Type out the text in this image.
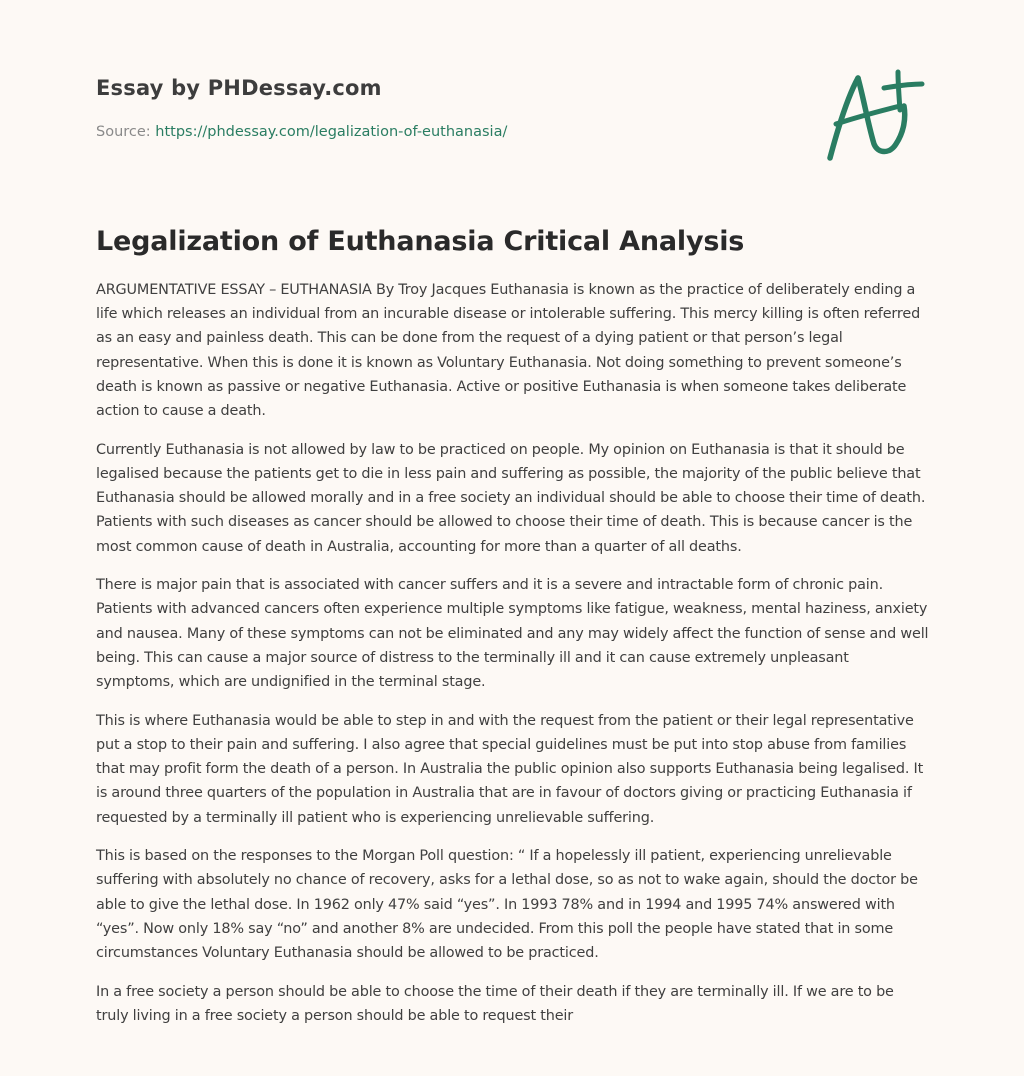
Essay by PHDessay.com
Source: https://phdessay.com/legalization-of-euthanasia/
Legalization of Euthanasia Critical Analysis

ARGUMENTATIVE ESSAY – EUTHANASIA By Troy Jacques Euthanasia is known as the practice of deliberately ending a life which releases an individual from an incurable disease or intolerable suffering. This mercy killing is often referred as an easy and painless death. This can be done from the request of a dying patient or that person’s legal representative. When this is done it is known as Voluntary Euthanasia. Not doing something to prevent someone’s death is known as passive or negative Euthanasia. Active or positive Euthanasia is when someone takes deliberate action to cause a death.

Currently Euthanasia is not allowed by law to be practiced on people. My opinion on Euthanasia is that it should be legalised because the patients get to die in less pain and suffering as possible, the majority of the public believe that Euthanasia should be allowed morally and in a free society an individual should be able to choose their time of death. Patients with such diseases as cancer should be allowed to choose their time of death. This is because cancer is the most common cause of death in Australia, accounting for more than a quarter of all deaths.

There is major pain that is associated with cancer suffers and it is a severe and intractable form of chronic pain. Patients with advanced cancers often experience multiple symptoms like fatigue, weakness, mental haziness, anxiety and nausea. Many of these symptoms can not be eliminated and any may widely affect the function of sense and well being. This can cause a major source of distress to the terminally ill and it can cause extremely unpleasant symptoms, which are undignified in the terminal stage.

This is where Euthanasia would be able to step in and with the request from the patient or their legal representative put a stop to their pain and suffering. I also agree that special guidelines must be put into stop abuse from families that may profit form the death of a person. In Australia the public opinion also supports Euthanasia being legalised. It is around three quarters of the population in Australia that are in favour of doctors giving or practicing Euthanasia if requested by a terminally ill patient who is experiencing unrelievable suffering.

This is based on the responses to the Morgan Poll question: “ If a hopelessly ill patient, experiencing unrelievable suffering with absolutely no chance of recovery, asks for a lethal dose, so as not to wake again, should the doctor be able to give the lethal dose. In 1962 only 47% said “yes”. In 1993 78% and in 1994 and 1995 74% answered with “yes”. Now only 18% say “no” and another 8% are undecided. From this poll the people have stated that in some circumstances Voluntary Euthanasia should be allowed to be practiced.

In a free society a person should be able to choose the time of their death if they are terminally ill. If we are to be truly living in a free society a person should be able to request their
